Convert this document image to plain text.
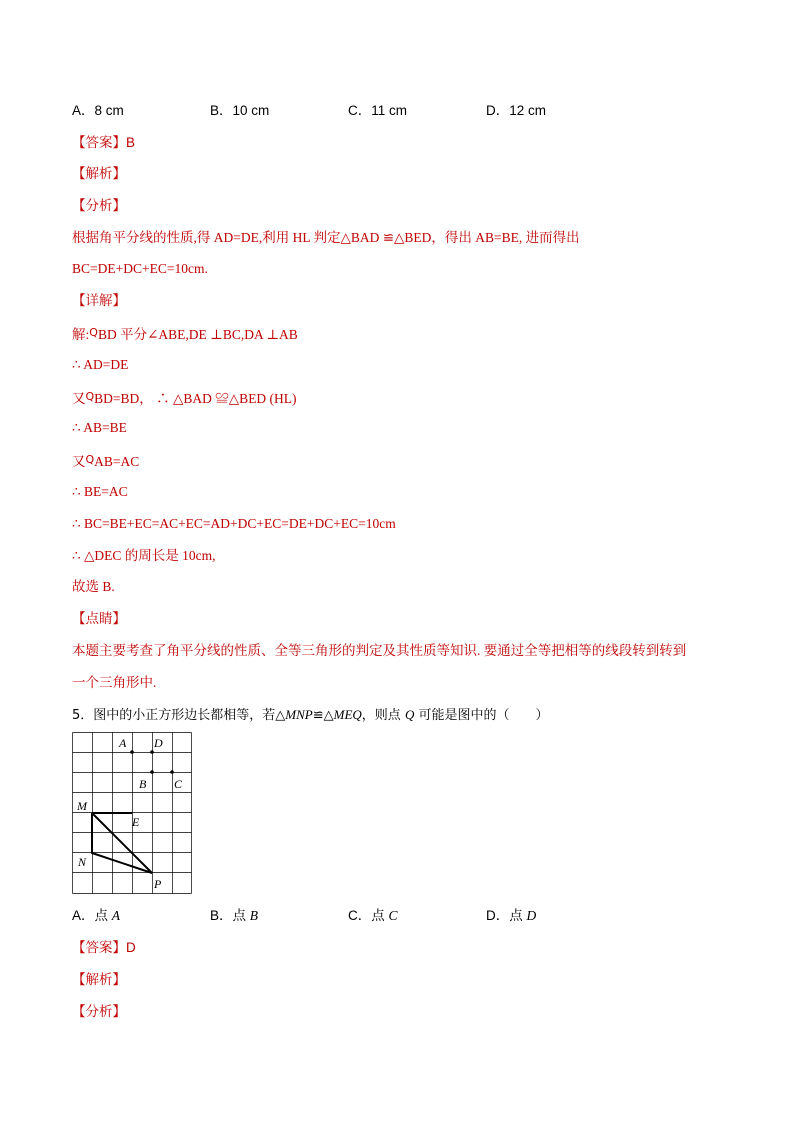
A．8 cm	B．10 cm	C．11 cm	D．12 cm
【答案】B
【解析】
【分析】
根据角平分线的性质,得 AD=DE,利用 HL 判定△BAD ≌△BED，得出 AB=BE, 进而得出
BC=DE+DC+EC=10cm.
【详解】
解:$^Q$BD 平分∠ABE,DE ⊥BC,DA ⊥AB
∴ AD=DE
又$^Q$BD=BD， ∴ △BAD ≌△BED (HL)
∴ AB=BE
又$^Q$AB=AC
∴ BE=AC
∴ BC=BE+EC=AC+EC=AD+DC+EC=DE+DC+EC=10cm
∴ △DEC 的周长是 10cm,
故选 B.
【点睛】
本题主要考查了角平分线的性质、全等三角形的判定及其性质等知识. 要通过全等把相等的线段转到转到
一个三角形中.
5．图中的小正方形边长都相等，若△MNP≌△MEQ，则点 Q 可能是图中的（　　）
A D
B C
M
E
N
P
A．点 A	B．点 B	C．点 C	D．点 D
【答案】D
【解析】
【分析】
